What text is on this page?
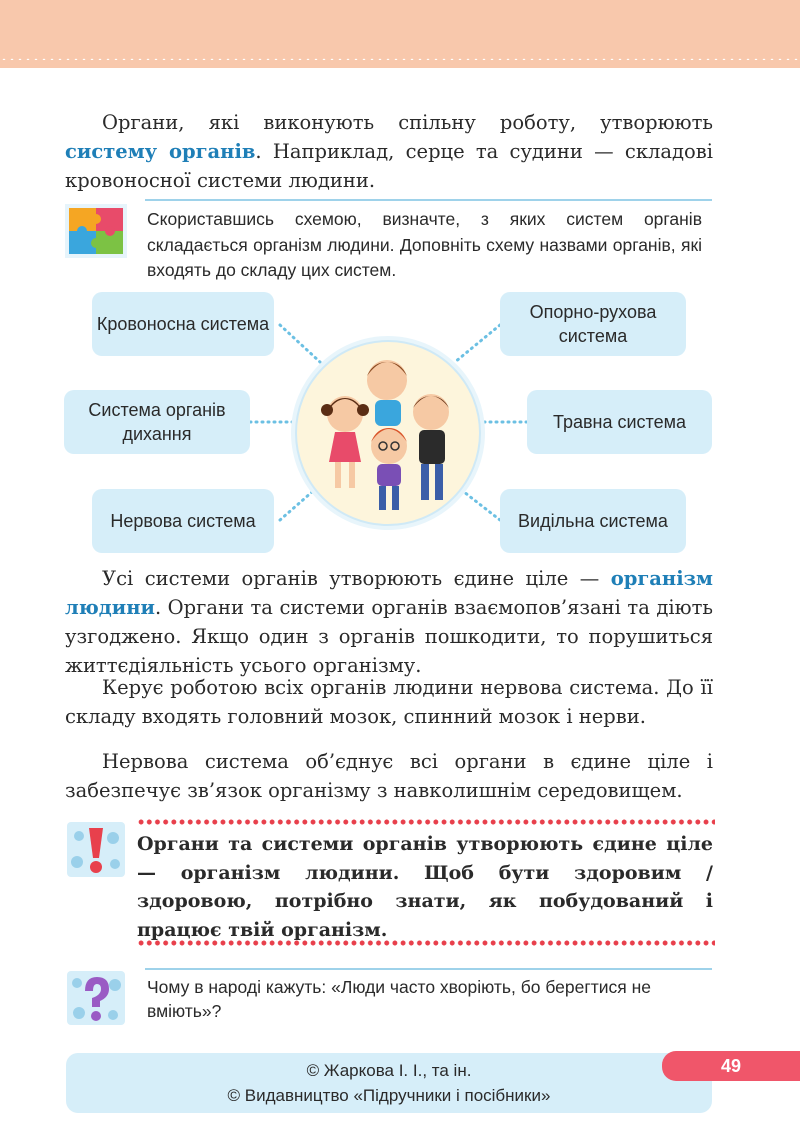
Органи, які виконують спільну роботу, утворюють систему органів. Наприклад, серце та судини — складові кровоносної системи людини.

Скориставшись схемою, визначте, з яких систем органів складається організм людини. Доповніть схему назвами органів, які входять до складу цих систем.

Кровоносна система
Опорно-рухова система
Система органів дихання
Травна система
Нервова система	Видільна система

Усі системи органів утворюють єдине ціле — організм людини. Органи та системи органів взаємопов’язані та діють узгоджено. Якщо один з органів пошкодити, то порушиться життєдіяльність усього організму.

Керує роботою всіх органів людини нервова система. До її складу входять головний мозок, спинний мозок і нерви.

Нервова система об’єднує всі органи в єдине ціле і забезпечує зв’язок організму з навколишнім середовищем.

Органи та системи органів утворюють єдине ціле — організм людини. Щоб бути здоровим / здоровою, потрібно знати, як побудований і працює твій організм.

Чому в народі кажуть: «Люди часто хворіють, бо берегтися не вміють»?

© Жаркова І. І., та ін.
© Видавництво «Підручники і посібники»
49
